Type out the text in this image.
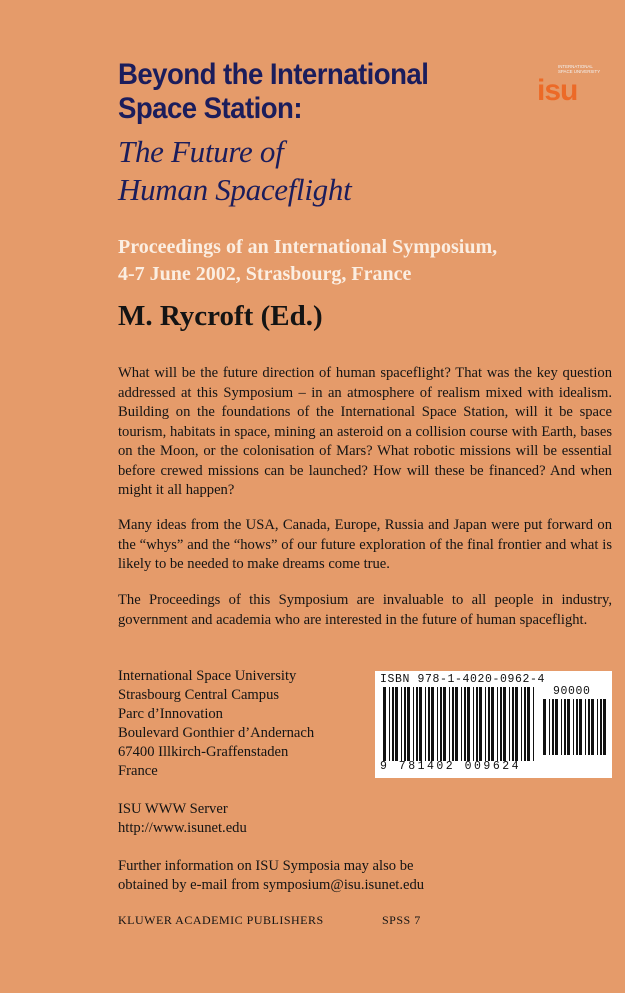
Beyond the International
Space Station:
The Future of
Human Spaceflight
INTERNATIONAL
SPACE UNIVERSITY
isu
Proceedings of an International Symposium,
4-7 June 2002, Strasbourg, France
M. Rycroft (Ed.)

What will be the future direction of human spaceflight? That was the key question addressed at this Symposium – in an atmosphere of realism mixed with idealism. Building on the foundations of the International Space Station, will it be space tourism, habitats in space, mining an asteroid on a collision course with Earth, bases on the Moon, or the colonisation of Mars? What robotic missions will be essential before crewed missions can be launched? How will these be financed? And when might it all happen?

Many ideas from the USA, Canada, Europe, Russia and Japan were put forward on the “whys” and the “hows” of our future exploration of the final frontier and what is likely to be needed to make dreams come true.

The Proceedings of this Symposium are invaluable to all people in industry, government and academia who are interested in the future of human spaceflight.

International Space University
Strasbourg Central Campus
Parc d’Innovation
Boulevard Gonthier d’Andernach
67400 Illkirch-Graffenstaden
France
ISU WWW Server
http://www.isunet.edu
Further information on ISU Symposia may also be
obtained by e-mail from symposium@isu.isunet.edu
ISBN 978-1-4020-0962-4
90000
9 781402 009624
KLUWER ACADEMIC PUBLISHERS	SPSS 7
